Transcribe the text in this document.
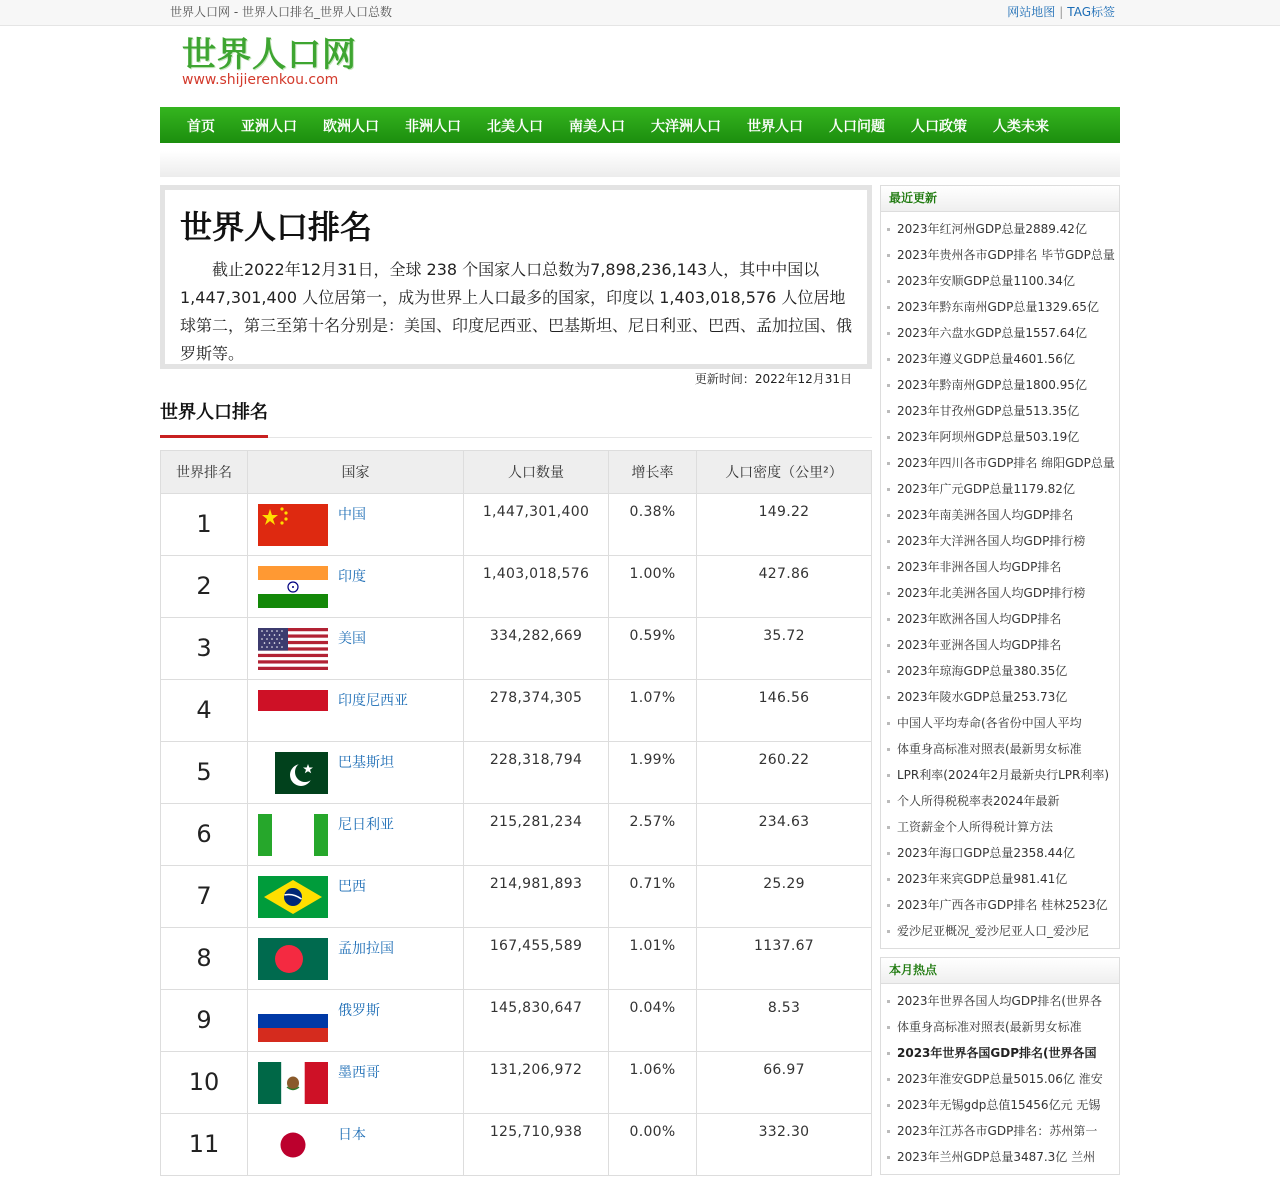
世界人口网 - 世界人口排名_世界人口总数	网站地图 | TAG标签
世界人口网
www.shijierenkou.com
首页	亚洲人口	欧洲人口	非洲人口	北美人口	南美人口	大洋洲人口	世界人口	人口问题	人口政策	人类未来
世界人口排名

截止2022年12月31日，全球 238 个国家人口总数为7,898,236,143人，其中中国以 1,447,301,400 人位居第一，成为世界上人口最多的国家，印度以 1,403,018,576 人位居地球第二，第三至第十名分别是：美国、印度尼西亚、巴基斯坦、尼日利亚、巴西、孟加拉国、俄罗斯等。

更新时间：2022年12月31日
世界人口排名
世界排名	国家	人口数量	增长率	人口密度（公里²）
1	中国	1,447,301,400	0.38%	149.22
2	印度	1,403,018,576	1.00%	427.86
3	美国	334,282,669	0.59%	35.72
4	印度尼西亚	278,374,305	1.07%	146.56
5	巴基斯坦	228,318,794	1.99%	260.22
6	尼日利亚	215,281,234	2.57%	234.63
7	巴西	214,981,893	0.71%	25.29
8	孟加拉国	167,455,589	1.01%	1137.67
9	俄罗斯	145,830,647	0.04%	8.53
10	墨西哥	131,206,972	1.06%	66.97
11	日本	125,710,938	0.00%	332.30
最近更新
2023年红河州GDP总量2889.42亿
2023年贵州各市GDP排名 毕节GDP总量
2023年安顺GDP总量1100.34亿
2023年黔东南州GDP总量1329.65亿
2023年六盘水GDP总量1557.64亿
2023年遵义GDP总量4601.56亿
2023年黔南州GDP总量1800.95亿
2023年甘孜州GDP总量513.35亿
2023年阿坝州GDP总量503.19亿
2023年四川各市GDP排名 绵阳GDP总量
2023年广元GDP总量1179.82亿
2023年南美洲各国人均GDP排名
2023年大洋洲各国人均GDP排行榜
2023年非洲各国人均GDP排名
2023年北美洲各国人均GDP排行榜
2023年欧洲各国人均GDP排名
2023年亚洲各国人均GDP排名
2023年琼海GDP总量380.35亿
2023年陵水GDP总量253.73亿
中国人平均寿命(各省份中国人平均
体重身高标准对照表(最新男女标准
LPR利率(2024年2月最新央行LPR利率)
个人所得税税率表2024年最新
工资薪金个人所得税计算方法
2023年海口GDP总量2358.44亿
2023年来宾GDP总量981.41亿
2023年广西各市GDP排名 桂林2523亿
爱沙尼亚概况_爱沙尼亚人口_爱沙尼
本月热点
2023年世界各国人均GDP排名(世界各
体重身高标准对照表(最新男女标准
2023年世界各国GDP排名(世界各国
2023年淮安GDP总量5015.06亿 淮安
2023年无锡gdp总值15456亿元 无锡
2023年江苏各市GDP排名：苏州第一
2023年兰州GDP总量3487.3亿 兰州
